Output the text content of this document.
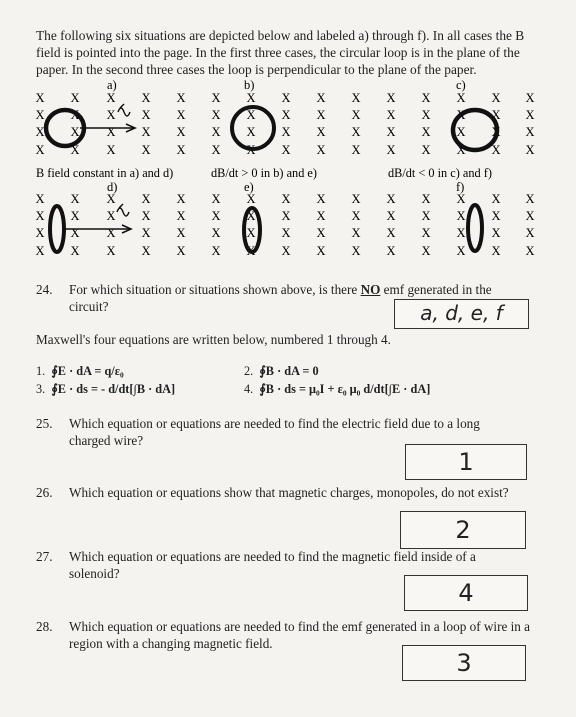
The following six situations are depicted below and labeled a) through f). In all cases the B field is pointed into the page. In the first three cases, the circular loop is in the plane of the paper. In the second three cases the loop is perpendicular to the plane of the paper.

X X X X X X X X X X X X X X X
X X X X X X X X X X X X X X X
X X X X X X X X X X X X X X X
X X X X X X X X X X X X X X X
X X X X X X X X X X X X X X X
X X X X X X X X X X X X X X X
X X X X X X X X X X X X X X X
X X X X X X X X X X X X X X X
a)	b)	c)
d)	e)	f)
B field constant in a) and d)	dB/dt > 0 in b) and e)	dB/dt < 0 in c) and f)
24. For which situation or situations shown above, is there NO emf generated in the circuit?	a, d, e, f
Maxwell's four equations are written below, numbered 1 through 4.
1. ∮E · dA = q/ε₀	2. ∮B · dA = 0
3. ∮E · ds = - d/dt[∫B · dA]	4. ∮B · ds = μ₀I + ε₀ μ₀ d/dt[∫E · dA]
25. Which equation or equations are needed to find the electric field due to a long charged wire?
1
26. Which equation or equations show that magnetic charges, monopoles, do not exist?
2
27. Which equation or equations are needed to find the magnetic field inside of a solenoid?
4
28. Which equation or equations are needed to find the emf generated in a loop of wire in a region with a changing magnetic field.
3
